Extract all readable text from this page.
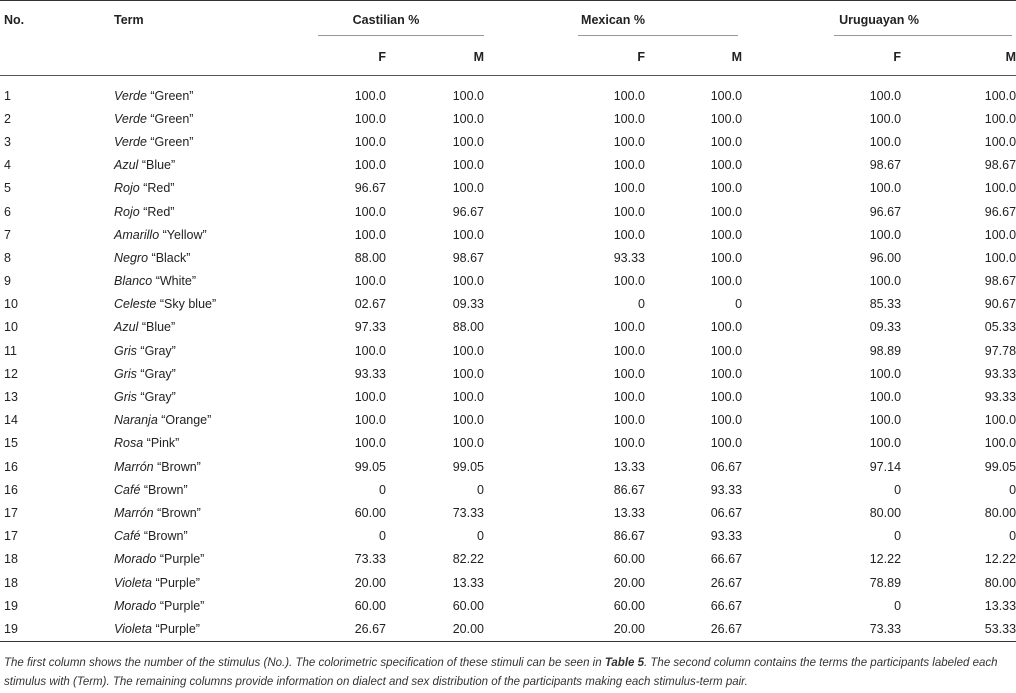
No.	Term	Castilian %		Mexican %		Uruguayan %	
		F	M	F	M	F	M
1	Verde “Green”	100.0	100.0	100.0	100.0	100.0	100.0
2	Verde “Green”	100.0	100.0	100.0	100.0	100.0	100.0
3	Verde “Green”	100.0	100.0	100.0	100.0	100.0	100.0
4	Azul “Blue”	100.0	100.0	100.0	100.0	98.67	98.67
5	Rojo “Red”	96.67	100.0	100.0	100.0	100.0	100.0
6	Rojo “Red”	100.0	96.67	100.0	100.0	96.67	96.67
7	Amarillo “Yellow”	100.0	100.0	100.0	100.0	100.0	100.0
8	Negro “Black”	88.00	98.67	93.33	100.0	96.00	100.0
9	Blanco “White”	100.0	100.0	100.0	100.0	100.0	98.67
10	Celeste “Sky blue”	02.67	09.33	0	0	85.33	90.67
10	Azul “Blue”	97.33	88.00	100.0	100.0	09.33	05.33
11	Gris “Gray”	100.0	100.0	100.0	100.0	98.89	97.78
12	Gris “Gray”	93.33	100.0	100.0	100.0	100.0	93.33
13	Gris “Gray”	100.0	100.0	100.0	100.0	100.0	93.33
14	Naranja “Orange”	100.0	100.0	100.0	100.0	100.0	100.0
15	Rosa “Pink”	100.0	100.0	100.0	100.0	100.0	100.0
16	Marrón “Brown”	99.05	99.05	13.33	06.67	97.14	99.05
16	Café “Brown”	0	0	86.67	93.33	0	0
17	Marrón “Brown”	60.00	73.33	13.33	06.67	80.00	80.00
17	Café “Brown”	0	0	86.67	93.33	0	0
18	Morado “Purple”	73.33	82.22	60.00	66.67	12.22	12.22
18	Violeta “Purple”	20.00	13.33	20.00	26.67	78.89	80.00
19	Morado “Purple”	60.00	60.00	60.00	66.67	0	13.33
19	Violeta “Purple”	26.67	20.00	20.00	26.67	73.33	53.33
The first column shows the number of the stimulus (No.). The colorimetric specification of these stimuli can be seen in Table 5. The second column contains the terms the participants labeled each stimulus with (Term). The remaining columns provide information on dialect and sex distribution of the participants making each stimulus-term pair.
